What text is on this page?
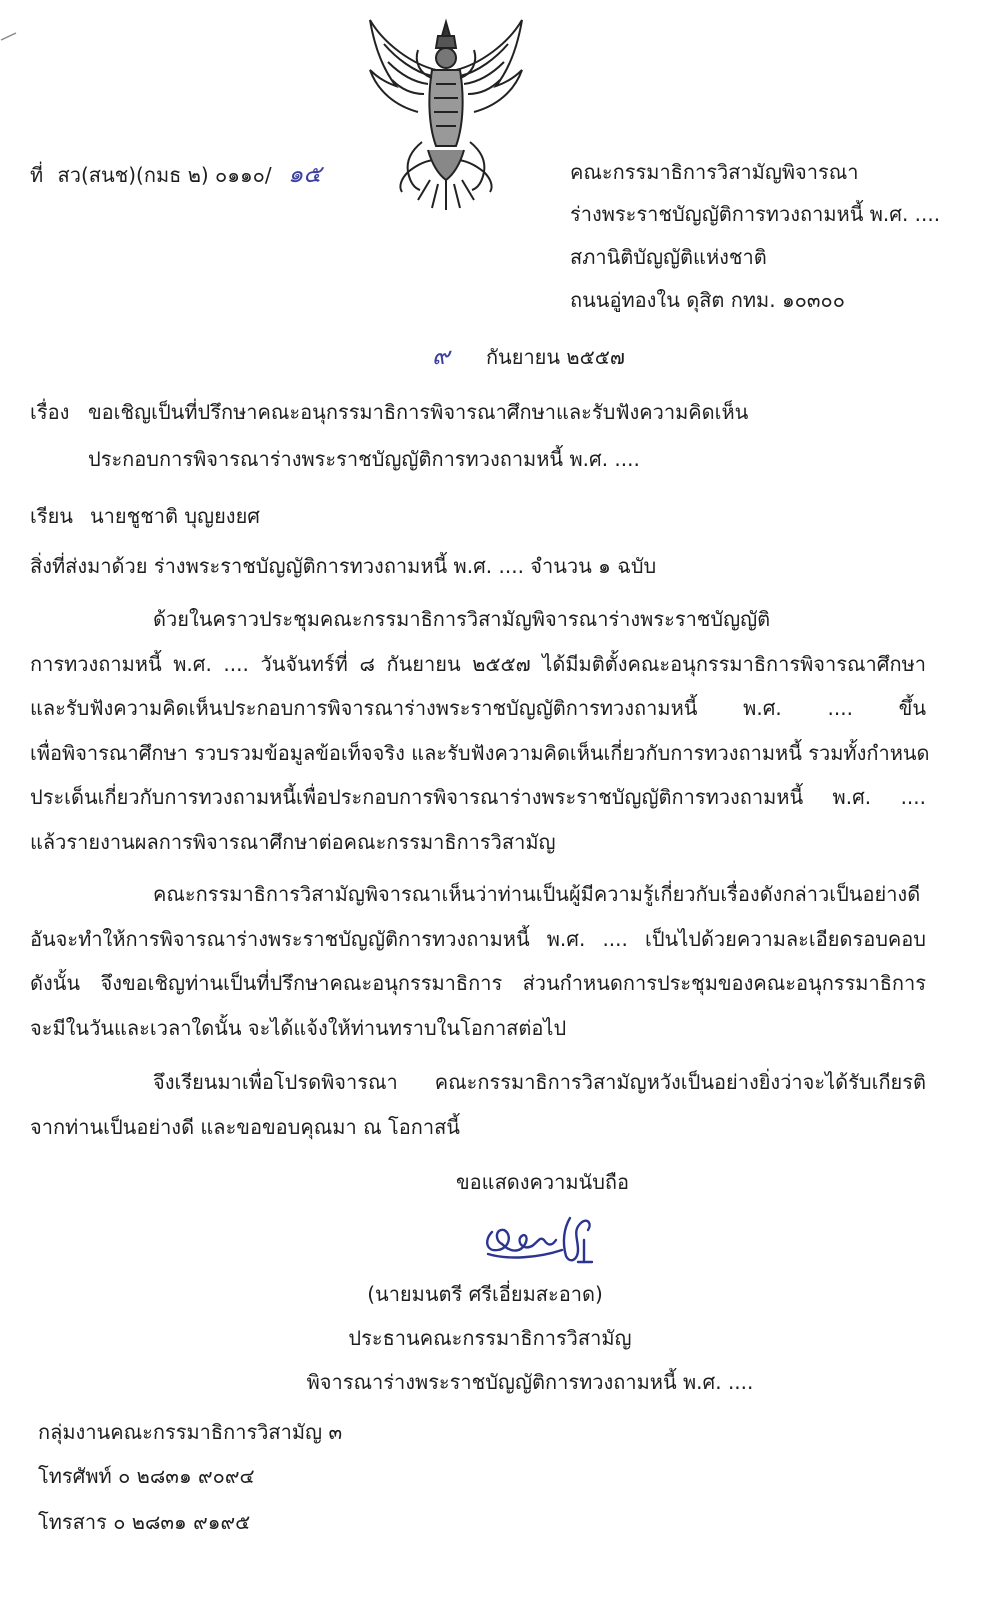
ที่ สว(สนช)(กมธ ๒) ๐๑๑๐/ ๑๕	คณะกรรมาธิการวิสามัญพิจารณา
ร่างพระราชบัญญัติการทวงถามหนี้ พ.ศ. ....
สภานิติบัญญัติแห่งชาติ
ถนนอู่ทองใน ดุสิต กทม. ๑๐๓๐๐
๙ กันยายน ๒๕๕๗
เรื่อง ขอเชิญเป็นที่ปรึกษาคณะอนุกรรมาธิการพิจารณาศึกษาและรับฟังความคิดเห็น
ประกอบการพิจารณาร่างพระราชบัญญัติการทวงถามหนี้ พ.ศ. ....
เรียน นายชูชาติ บุญยงยศ
สิ่งที่ส่งมาด้วย ร่างพระราชบัญญัติการทวงถามหนี้ พ.ศ. .... จำนวน ๑ ฉบับ
ด้วยในคราวประชุมคณะกรรมาธิการวิสามัญพิจารณาร่างพระราชบัญญัติ
การทวงถามหนี้ พ.ศ. .... วันจันทร์ที่ ๘ กันยายน ๒๕๕๗ ได้มีมติตั้งคณะอนุกรรมาธิการพิจารณาศึกษา
และรับฟังความคิดเห็นประกอบการพิจารณาร่างพระราชบัญญัติการทวงถามหนี้ พ.ศ. .... ขึ้น
เพื่อพิจารณาศึกษา รวบรวมข้อมูลข้อเท็จจริง และรับฟังความคิดเห็นเกี่ยวกับการทวงถามหนี้ รวมทั้งกำหนด
ประเด็นเกี่ยวกับการทวงถามหนี้เพื่อประกอบการพิจารณาร่างพระราชบัญญัติการทวงถามหนี้ พ.ศ. ....
แล้วรายงานผลการพิจารณาศึกษาต่อคณะกรรมาธิการวิสามัญ
คณะกรรมาธิการวิสามัญพิจารณาเห็นว่าท่านเป็นผู้มีความรู้เกี่ยวกับเรื่องดังกล่าวเป็นอย่างดี
อันจะทำให้การพิจารณาร่างพระราชบัญญัติการทวงถามหนี้ พ.ศ. .... เป็นไปด้วยความละเอียดรอบคอบ
ดังนั้น จึงขอเชิญท่านเป็นที่ปรึกษาคณะอนุกรรมาธิการ ส่วนกำหนดการประชุมของคณะอนุกรรมาธิการ
จะมีในวันและเวลาใดนั้น จะได้แจ้งให้ท่านทราบในโอกาสต่อไป
จึงเรียนมาเพื่อโปรดพิจารณา คณะกรรมาธิการวิสามัญหวังเป็นอย่างยิ่งว่าจะได้รับเกียรติ
จากท่านเป็นอย่างดี และขอขอบคุณมา ณ โอกาสนี้
ขอแสดงความนับถือ
(นายมนตรี ศรีเอี่ยมสะอาด)
ประธานคณะกรรมาธิการวิสามัญ
พิจารณาร่างพระราชบัญญัติการทวงถามหนี้ พ.ศ. ....
กลุ่มงานคณะกรรมาธิการวิสามัญ ๓
โทรศัพท์ ๐ ๒๘๓๑ ๙๐๙๔
โทรสาร ๐ ๒๘๓๑ ๙๑๙๕
